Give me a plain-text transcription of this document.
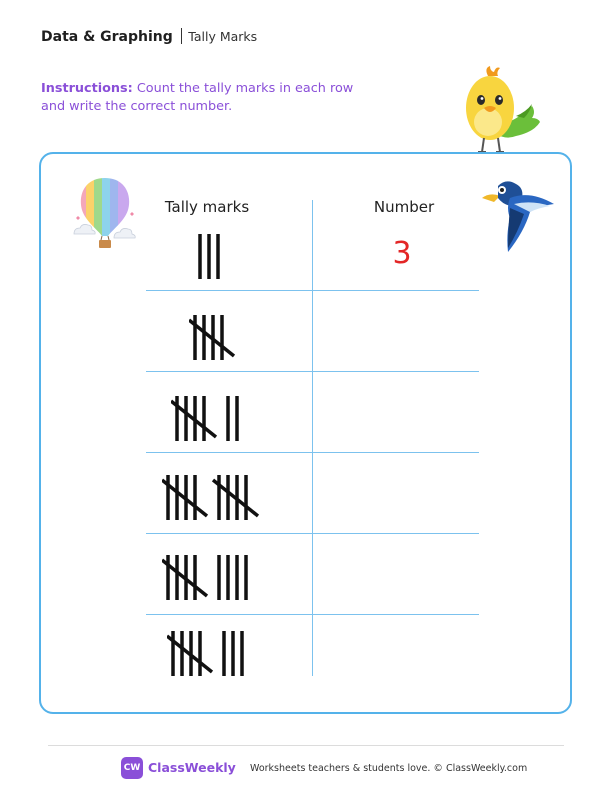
Data & Graphing Tally Marks
Instructions: Count the tally marks in each row and write the correct number.
Tally marks	Number
3
CW ClassWeekly Worksheets teachers & students love. © ClassWeekly.com
